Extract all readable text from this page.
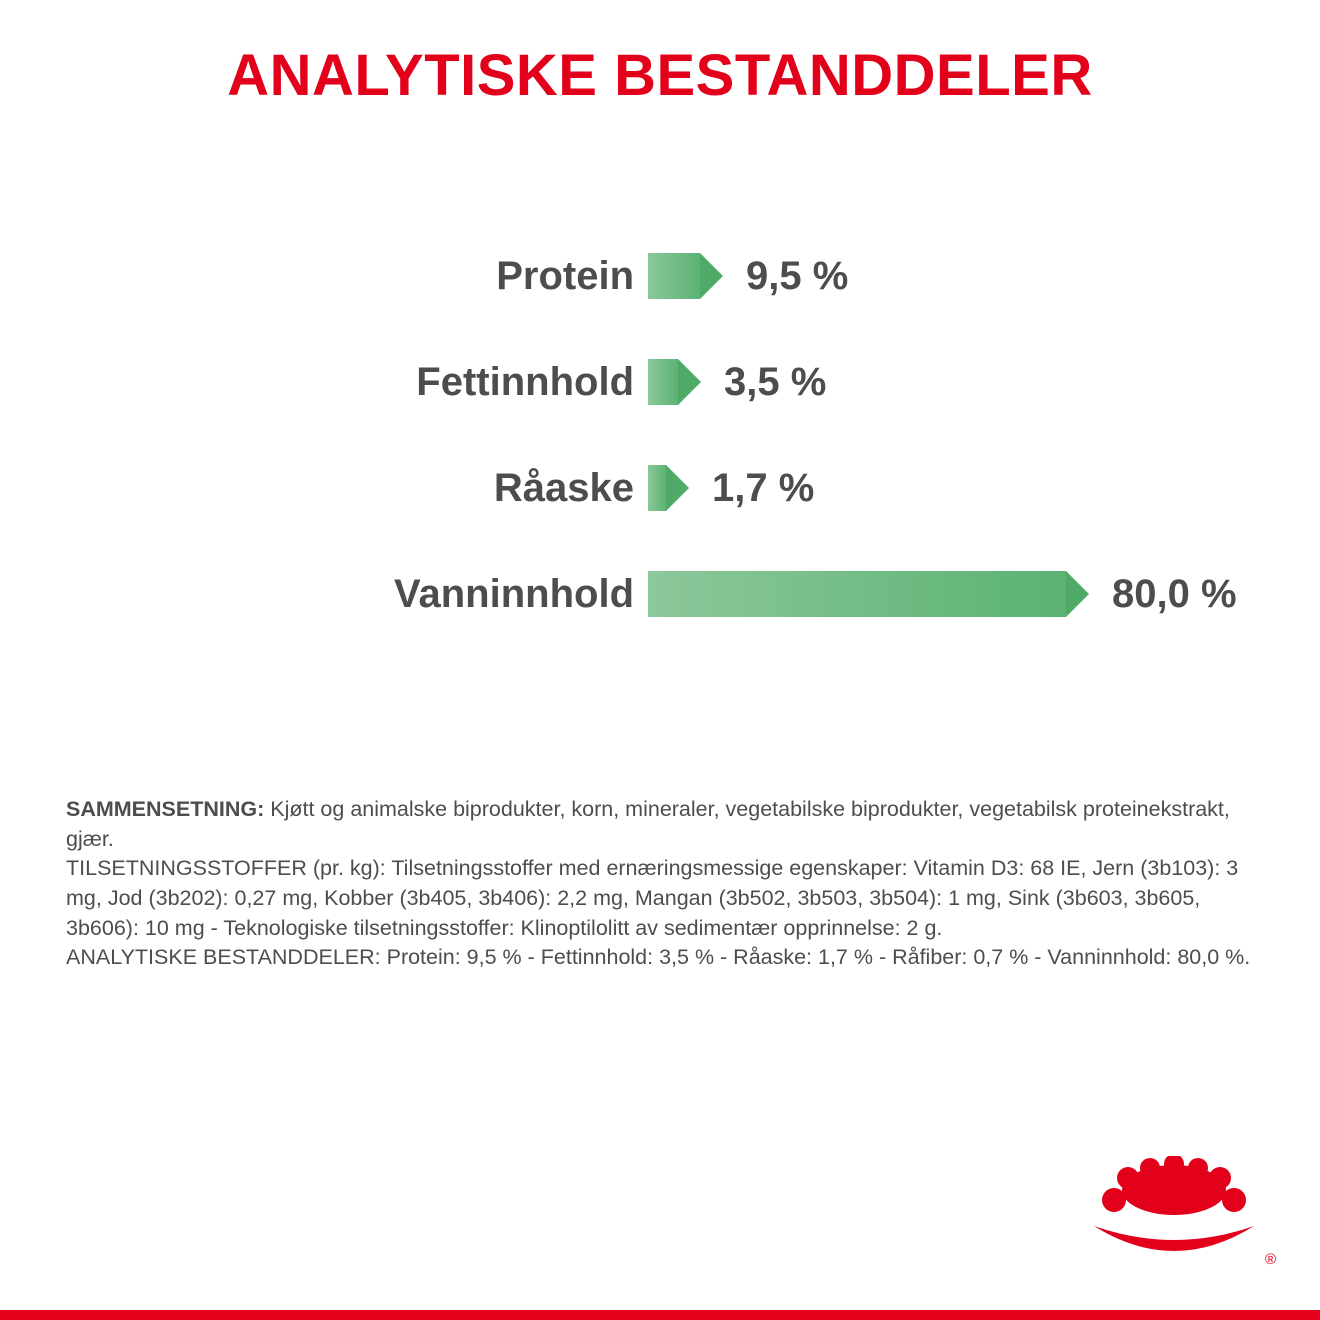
ANALYTISKE BESTANDDELER
Protein	9,5 %
Fettinnhold	3,5 %
Råaske	1,7 %
Vanninnhold	80,0 %

SAMMENSETNING: Kjøtt og animalske biprodukter, korn, mineraler, vegetabilske biprodukter, vegetabilsk proteinekstrakt, gjær.

TILSETNINGSSTOFFER (pr. kg): Tilsetningsstoffer med ernæringsmessige egenskaper: Vitamin D3: 68 IE, Jern (3b103): 3 mg, Jod (3b202): 0,27 mg, Kobber (3b405, 3b406): 2,2 mg, Mangan (3b502, 3b503, 3b504): 1 mg, Sink (3b603, 3b605, 3b606): 10 mg - Teknologiske tilsetningsstoffer: Klinoptilolitt av sedimentær opprinnelse: 2 g.

ANALYTISKE BESTANDDELER: Protein: 9,5 % - Fettinnhold: 3,5 % - Råaske: 1,7 % - Råfiber: 0,7 % - Vanninnhold: 80,0 %.

®
